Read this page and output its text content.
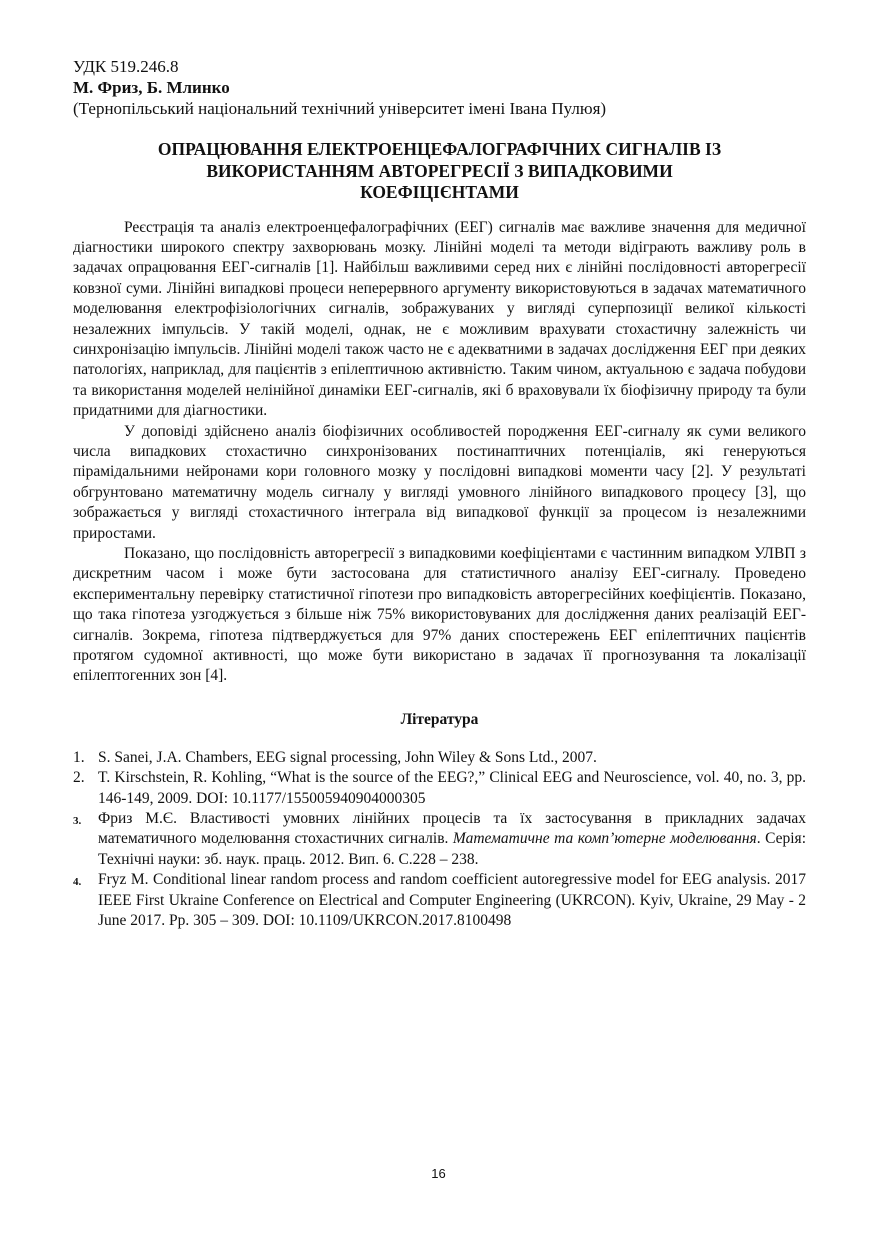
УДК 519.246.8
М. Фриз, Б. Млинко
(Тернопільський національний технічний університет імені Івана Пулюя)
ОПРАЦЮВАННЯ ЕЛЕКТРОЕНЦЕФАЛОГРАФІЧНИХ СИГНАЛІВ ІЗ
ВИКОРИСТАННЯМ АВТОРЕГРЕСІЇ З ВИПАДКОВИМИ
КОЕФІЦІЄНТАМИ

Реєстрація та аналіз електроенцефалографічних (ЕЕГ) сигналів має важливе значення для медичної діагностики широкого спектру захворювань мозку. Лінійні моделі та методи відіграють важливу роль в задачах опрацювання ЕЕГ-сигналів [1]. Найбільш важливими серед них є лінійні послідовності авторегресії ковзної суми. Лінійні випадкові процеси неперервного аргументу використовуються в задачах математичного моделювання електрофізіологічних сигналів, зображуваних у вигляді суперпозиції великої кількості незалежних імпульсів. У такій моделі, однак, не є можливим врахувати стохастичну залежність чи синхронізацію імпульсів. Лінійні моделі також часто не є адекватними в задачах дослідження ЕЕГ при деяких патологіях, наприклад, для пацієнтів з епілептичною активністю. Таким чином, актуальною є задача побудови та використання моделей нелінійної динаміки ЕЕГ-сигналів, які б враховували їх біофізичну природу та були придатними для діагностики.

У доповіді здійснено аналіз біофізичних особливостей породження ЕЕГ-сигналу як суми великого числа випадкових стохастично синхронізованих постинаптичних потенціалів, які генеруються пірамідальними нейронами кори головного мозку у послідовні випадкові моменти часу [2]. У результаті обгрунтовано математичну модель сигналу у вигляді умовного лінійного випадкового процесу [3], що зображається у вигляді стохастичного інтеграла від випадкової функції за процесом із незалежними приростами.

Показано, що послідовність авторегресії з випадковими коефіцієнтами є частинним випадком УЛВП з дискретним часом і може бути застосована для статистичного аналізу ЕЕГ-сигналу. Проведено експериментальну перевірку статистичної гіпотези про випадковість авторегресійних коефіцієнтів. Показано, що така гіпотеза узгоджується з більше ніж 75% використовуваних для дослідження даних реалізацій ЕЕГ-сигналів. Зокрема, гіпотеза підтверджується для 97% даних спостережень ЕЕГ епілептичних пацієнтів протягом судомної активності, що може бути використано в задачах її прогнозування та локалізації епілептогенних зон [4].

Література
1. S. Sanei, J.A. Chambers, EEG signal processing, John Wiley & Sons Ltd., 2007.
2. T. Kirschstein, R. Kohling, “What is the source of the EEG?,” Clinical EEG and Neuroscience, vol. 40, no. 3, pp. 146-149, 2009. DOI: 10.1177/155005940904000305
3. Фриз М.Є. Властивості умовних лінійних процесів та їх застосування в прикладних задачах математичного моделювання стохастичних сигналів. Математичне та комп’ютерне моделювання. Серія: Технічні науки: зб. наук. праць. 2012. Вип. 6. С.228 – 238.
4. Fryz M. Conditional linear random process and random coefficient autoregressive model for EEG analysis. 2017 IEEE First Ukraine Conference on Electrical and Computer Engineering (UKRCON). Kyiv, Ukraine, 29 May - 2 June 2017. Pp. 305 – 309. DOI: 10.1109/UKRCON.2017.8100498
16
